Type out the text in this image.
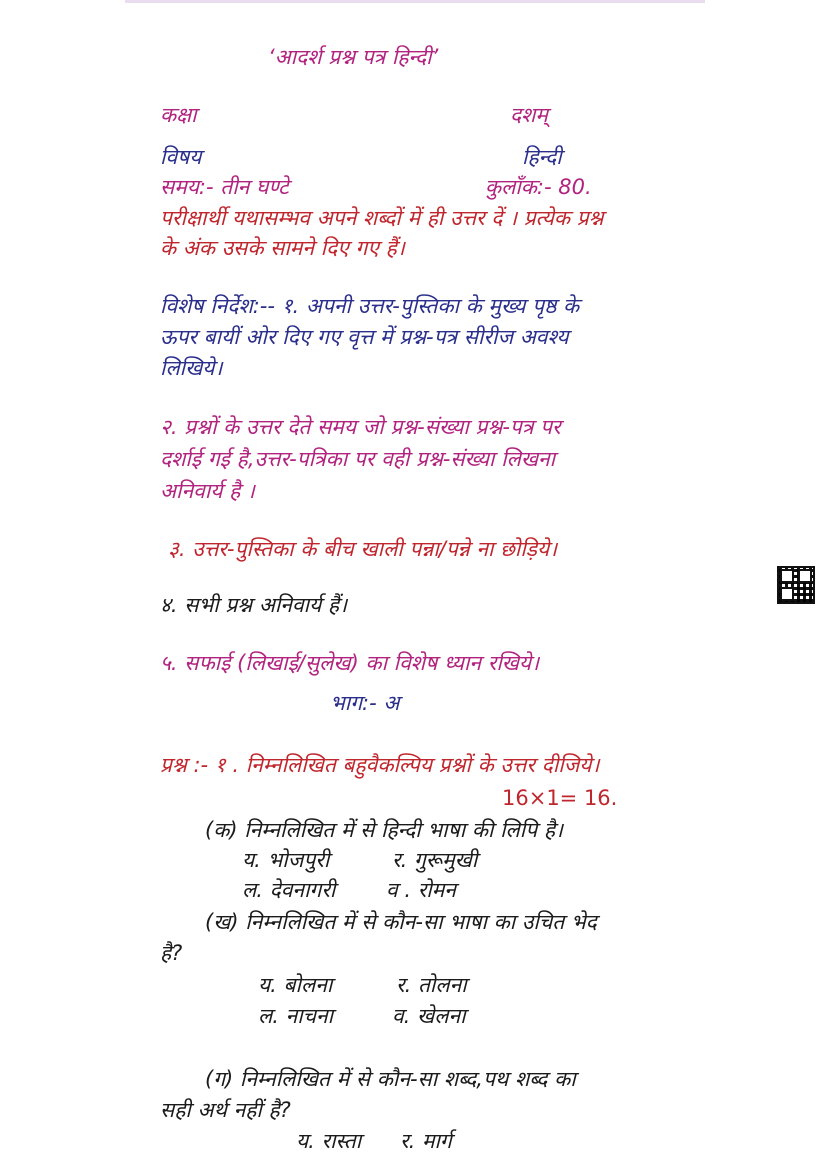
‘आदर्श प्रश्न पत्र हिन्दी’
कक्षा	दशम्
विषय	हिन्दी
समय:- तीन घण्टे	कुलाँक:- 80.
परीक्षार्थी यथासम्भव अपने शब्दों में ही उत्तर दें । प्रत्येक प्रश्न
के अंक उसके सामने दिए गए हैं।
विशेष निर्देश:-- १. अपनी उत्तर-पुस्तिका के मुख्य पृष्ठ के
ऊपर बायीं ओर दिए गए वृत्त में प्रश्न-पत्र सीरीज अवश्य
लिखिये।
२. प्रश्नों के उत्तर देते समय जो प्रश्न-संख्या प्रश्न-पत्र पर
दर्शाई गई है,उत्तर-पत्रिका पर वही प्रश्न-संख्या लिखना
अनिवार्य है ।
३. उत्तर-पुस्तिका के बीच खाली पन्ना/पन्ने ना छोड़िये।
४. सभी प्रश्न अनिवार्य हैं।
५. सफाई (लिखाई/सुलेख) का विशेष ध्यान रखिये।
भाग:- अ
प्रश्न :- १ . निम्नलिखित बहुवैकल्पिय प्रश्नों के उत्तर दीजिये।
16×1= 16.
(क) निम्नलिखित में से हिन्दी भाषा की लिपि है।
य. भोजपुरी	र. गुरूमुखी
ल. देवनागरी व . रोमन
(ख) निम्नलिखित में से कौन-सा भाषा का उचित भेद
है?
य. बोलना	र. तोलना
ल. नाचना	व. खेलना
(ग) निम्नलिखित में से कौन-सा शब्द,पथ शब्द का
सही अर्थ नहीं है?
य. रास्ता र. मार्ग
